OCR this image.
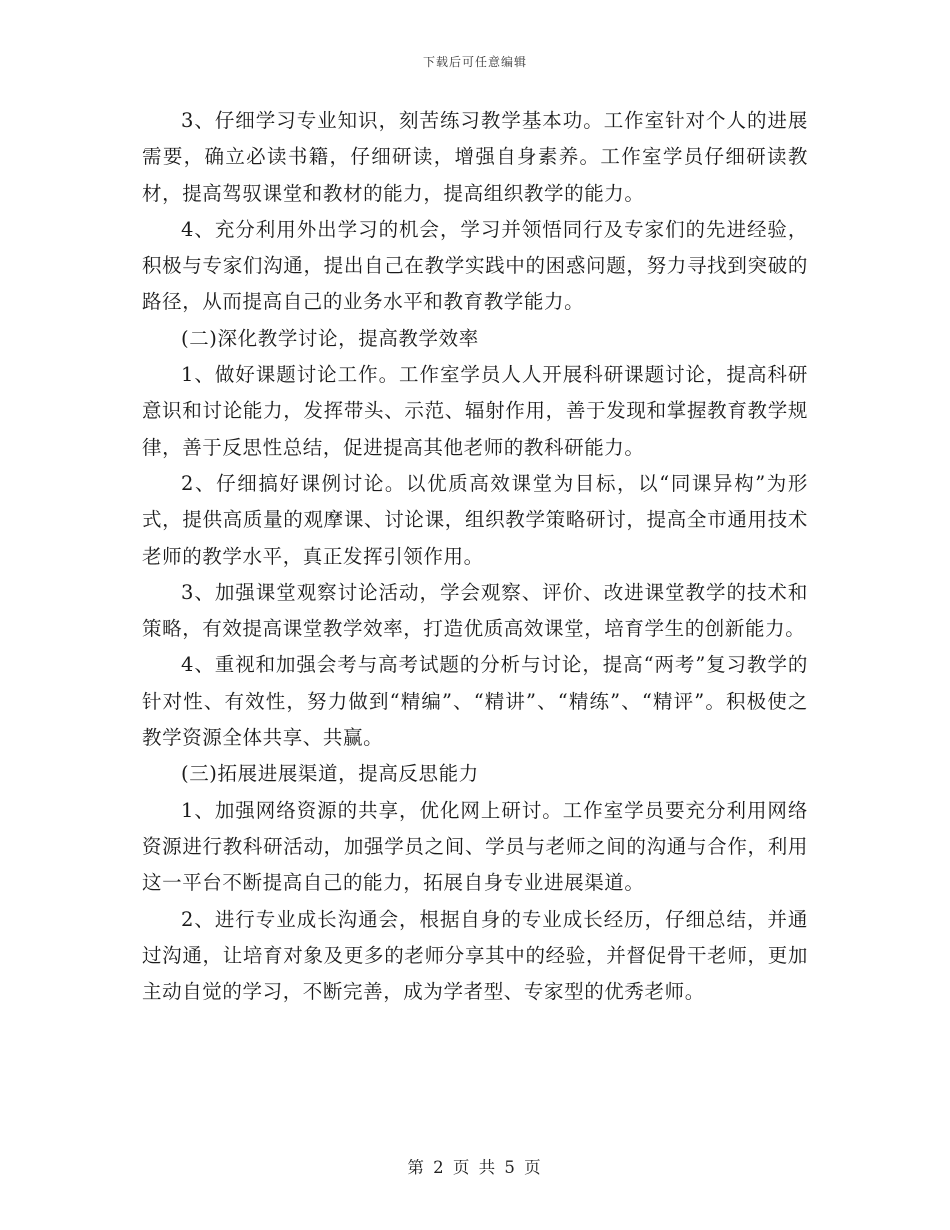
下载后可任意编辑

3、仔细学习专业知识，刻苦练习教学基本功。工作室针对个人的进展需要，确立必读书籍，仔细研读，增强自身素养。工作室学员仔细研读教材，提高驾驭课堂和教材的能力，提高组织教学的能力。

4、充分利用外出学习的机会，学习并领悟同行及专家们的先进经验，积极与专家们沟通，提出自己在教学实践中的困惑问题，努力寻找到突破的路径，从而提高自己的业务水平和教育教学能力。

(二)深化教学讨论，提高教学效率

1、做好课题讨论工作。工作室学员人人开展科研课题讨论，提高科研意识和讨论能力，发挥带头、示范、辐射作用，善于发现和掌握教育教学规律，善于反思性总结，促进提高其他老师的教科研能力。

2、仔细搞好课例讨论。以优质高效课堂为目标，以“同课异构”为形式，提供高质量的观摩课、讨论课，组织教学策略研讨，提高全市通用技术老师的教学水平，真正发挥引领作用。

3、加强课堂观察讨论活动，学会观察、评价、改进课堂教学的技术和策略，有效提高课堂教学效率，打造优质高效课堂，培育学生的创新能力。

4、重视和加强会考与高考试题的分析与讨论，提高“两考”复习教学的针对性、有效性，努力做到“精编”、“精讲”、“精练”、“精评”。积极使之教学资源全体共享、共赢。

(三)拓展进展渠道，提高反思能力

1、加强网络资源的共享，优化网上研讨。工作室学员要充分利用网络资源进行教科研活动，加强学员之间、学员与老师之间的沟通与合作，利用这一平台不断提高自己的能力，拓展自身专业进展渠道。

2、进行专业成长沟通会，根据自身的专业成长经历，仔细总结，并通过沟通，让培育对象及更多的老师分享其中的经验，并督促骨干老师，更加主动自觉的学习，不断完善，成为学者型、专家型的优秀老师。

第 2 页 共 5 页
